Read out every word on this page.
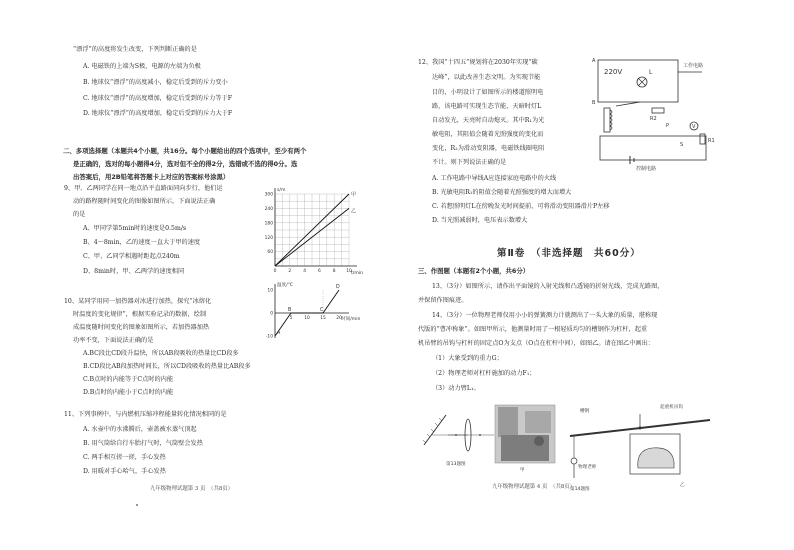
“漂浮”的高度将发生改变，下列判断正确的是
A. 电磁铁的上端为S极，电源的左端为负极
B. 地球仪“漂浮”的高度减小，稳定后受到的斥力变小
C. 地球仪“漂浮”的高度增加，稳定后受到的斥力等于F
D. 地球仪“漂浮”的高度增加，稳定后受到的斥力大于F
二、多项选择题（本题共4个小题，共16分。每个小题给出的四个选项中，至少有两个
是正确的，选对的每小题得4分，选对但不全的得2分，选错或不选的得0分。选
出答案后，用2B铅笔将答题卡上对应的答案标号涂黑）
9、甲、乙两同学在同一地点沿平直路面同向步行，他们运
动的路程随时间变化的图像如图所示，下面说法正确
的是
A、甲同学第5min时的速度是0.5m/s
B、4～8min，乙的速度一直大于甲的速度
C、甲、乙同学相遇时距起点240m
D、8min时，甲、乙两学的速度相同
s/m
t/min
60
120
180
240
300
0	2	4	6	8 10
甲
乙
10、某同学用同一加热器对冰进行加热，探究“冰熔化
时温度的变化规律”，根据实验记录的数据，绘制
成温度随时间变化的图象如图所示，若加热器加热
功率不变，下面说法正确的是
A.BC段比CD段升温快，所以AB段吸收的热量比CD段多
B.CD段比AB段加热时间长，所以CD段吸收的热量比AB段多
C.B点时的内能等于C点时的内能
D.B点时的内能小于C点时的内能
温度/℃
时间/min
-10
0
10
5	10 15 20
A
B	C
D
11、下列事例中，与内燃机压缩冲程能量转化情况相同的是
A. 水壶中的水沸腾后，壶盖被水蒸气顶起
B. 用气筒给自行车胎打气时，气筒壁会发热
C. 两手相互搓一搓，手心发热
D. 用暖对手心哈气，手心发热
九年级物理试题第 3 页　（共8页）
12、我国“十四五”规划将在2030年实现“碳
达峰”，以此改善生态文明。为实现节能
目的，小明设计了如图所示的楼道照明电
路，该电路可实现生态节能，天暗时灯L
自动发光，天亮时自动熄灭。其中R₁为光
敏电阻，其阻值会随着光照强度的变化而
变化，R₂为滑动变阻器，电磁铁线圈电阻
不计。则下列说法正确的是
A. 工作电路中导线A应连接家庭电路中的火线
B. 光敏电阻R₁的阻值会随着光照强度的增大而增大
C. 若想照明灯L在傍晚发光时间提前，可将滑动变阻器滑片P左移
D. 当光照减弱时，电压表示数增大
220V
A
B
L
工作电路
R2
P	V
R1
S
控制电路
第Ⅱ卷　（非选择题　共60分）
三、作图题（本题有2个小题，共6分）
13、（3分）如图所示，请作出平面镜的入射光线和凸透镜的折射光线，完成光路图，
并保留作图痕迹。
14、（3分）一位物理老师仅用小小的弹簧测力计就测出了一头大象的质量，堪称现
代版的“曹冲称象”。如图甲所示，他测量时用了一根轻质均匀的槽钢作为杠杆，起重
机吊臂的吊钩与杠杆的固定点O为支点（O点在杠杆中间），如图乙。请在图乙中画出：
（1）大象受到的重力G；
（2）物理老师对杠杆施加的动力F₁；
（3）动力臂L₁。
第13题图
甲
槽钢
起重机吊钩
物理老师
第14题图
乙
九年级物理试题第 4 页　（共8页）
